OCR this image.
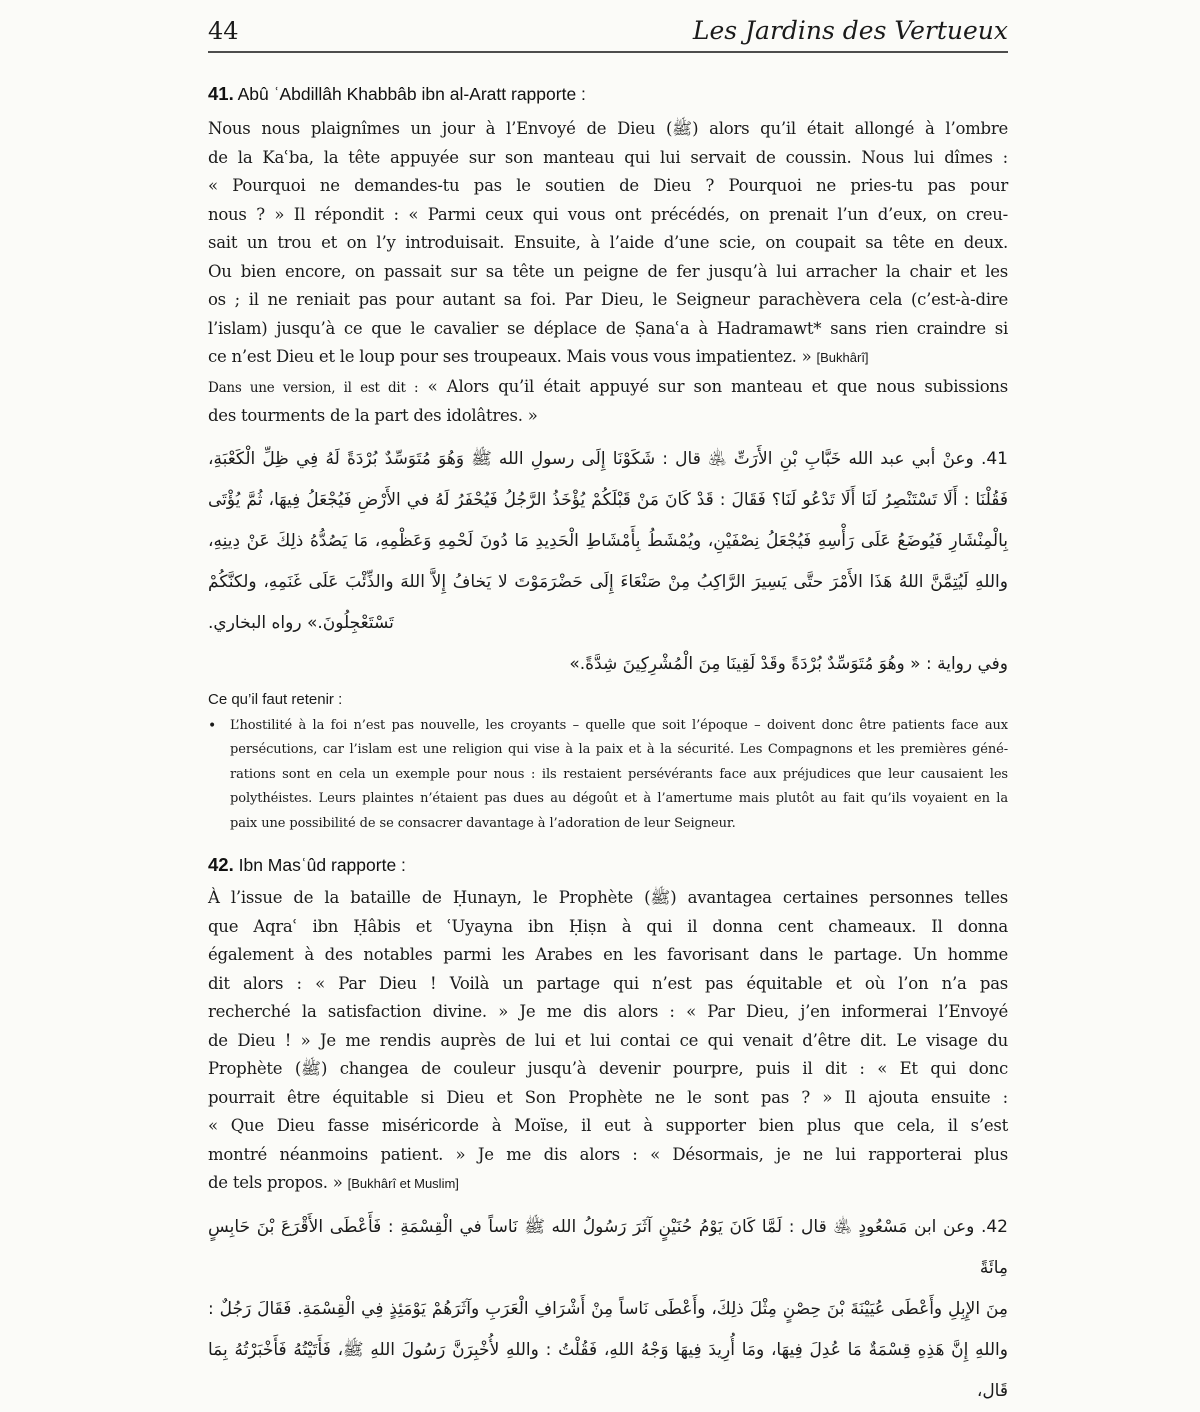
44	Les Jardins des Vertueux
41. Abû ʿAbdillâh Khabbâb ibn al-Aratt rapporte :
Nous nous plaignîmes un jour à l’Envoyé de Dieu (ﷺ) alors qu’il était allongé à l’ombre
de la Kaʿba, la tête appuyée sur son manteau qui lui servait de coussin. Nous lui dîmes :
« Pourquoi ne demandes-tu pas le soutien de Dieu ? Pourquoi ne pries-tu pas pour
nous ? » Il répondit : « Parmi ceux qui vous ont précédés, on prenait l’un d’eux, on creu-
sait un trou et on l’y introduisait. Ensuite, à l’aide d’une scie, on coupait sa tête en deux.
Ou bien encore, on passait sur sa tête un peigne de fer jusqu’à lui arracher la chair et les
os ; il ne reniait pas pour autant sa foi. Par Dieu, le Seigneur parachèvera cela (c’est-à-dire
l’islam) jusqu’à ce que le cavalier se déplace de Ṣanaʿa à Hadramawt* sans rien craindre si
ce n’est Dieu et le loup pour ses troupeaux. Mais vous vous impatientez. » [Bukhârî]
Dans une version, il est dit : « Alors qu’il était appuyé sur son manteau et que nous subissions
des tourments de la part des idolâtres. »
41. وعنْ أبي عبد الله خَبَّابِ بْنِ الأَرَتِّ ﵁ قال : شَكَوْنَا إِلَى رسولِ الله ﷺ وَهُوَ مُتَوَسِّدٌ بُرْدَةً لَهُ فِي ظِلِّ الْكَعْبَةِ،
فَقُلْنَا : أَلَا تَسْتَنْصِرُ لَنَا أَلَا تَدْعُو لَنَا؟ فَقَالَ : قَدْ كَانَ مَنْ قَبْلَكُمْ يُؤْخَذُ الرَّجُلُ فَيُحْفَرُ لَهُ في الأَرْضِ فَيُجْعَلُ فِيهَا، ثُمَّ يُؤْتَى
بِالْمِنْشَارِ فَيُوضَعُ عَلَى رَأْسِهِ فَيُجْعَلُ نِصْفَيْنِ، ويُمْشَطُ بِأَمْشَاطِ الْحَدِيدِ مَا دُونَ لَحْمِهِ وَعَظْمِهِ، مَا يَصُدُّهُ ذلِكَ عَنْ دِينِهِ،
واللهِ لَيُتِمَّنَّ اللهُ هَذَا الأَمْرَ حتَّى يَسِيرَ الرَّاكِبُ مِنْ صَنْعَاءَ إِلَى حَضْرَمَوْتَ لا يَخافُ إِلاَّ اللهَ والذِّئْبَ عَلَى غَنَمِهِ، ولكنَّكُمْ
تَسْتَعْجِلُونَ.» رواه البخاري.
وفي رواية : « وهُوَ مُتَوَسِّدٌ بُرْدَةً وقَدْ لَقِينَا مِنَ الْمُشْرِكِينَ شِدَّةً.»
Ce qu’il faut retenir :
•	L’hostilité à la foi n’est pas nouvelle, les croyants – quelle que soit l’époque – doivent donc être patients face aux
persécutions, car l’islam est une religion qui vise à la paix et à la sécurité. Les Compagnons et les premières géné-
rations sont en cela un exemple pour nous : ils restaient persévérants face aux préjudices que leur causaient les
polythéistes. Leurs plaintes n’étaient pas dues au dégoût et à l’amertume mais plutôt au fait qu’ils voyaient en la
paix une possibilité de se consacrer davantage à l’adoration de leur Seigneur.
42. Ibn Masʿûd rapporte :
À l’issue de la bataille de Ḥunayn, le Prophète (ﷺ) avantagea certaines personnes telles
que Aqraʿ ibn Ḥâbis et ʿUyayna ibn Ḥiṣn à qui il donna cent chameaux. Il donna
également à des notables parmi les Arabes en les favorisant dans le partage. Un homme
dit alors : « Par Dieu ! Voilà un partage qui n’est pas équitable et où l’on n’a pas
recherché la satisfaction divine. » Je me dis alors : « Par Dieu, j’en informerai l’Envoyé
de Dieu ! » Je me rendis auprès de lui et lui contai ce qui venait d’être dit. Le visage du
Prophète (ﷺ) changea de couleur jusqu’à devenir pourpre, puis il dit : « Et qui donc
pourrait être équitable si Dieu et Son Prophète ne le sont pas ? » Il ajouta ensuite :
« Que Dieu fasse miséricorde à Moïse, il eut à supporter bien plus que cela, il s’est
montré néanmoins patient. » Je me dis alors : « Désormais, je ne lui rapporterai plus
de tels propos. » [Bukhârî et Muslim]
42. وعن ابن مَسْعُودٍ ﵁ قال : لَمَّا كَانَ يَوْمُ حُنَيْنٍ آثَرَ رَسُولُ الله ﷺ نَاساً في الْقِسْمَةِ : فَأَعْطَى الأَقْرَعَ بْنَ حَابِسٍ مِائَةً
مِنَ الإِبِلِ وأَعْطَى عُيَيْنَةَ بْنَ حِصْنٍ مِثْلَ ذلِكَ، وأَعْطَى نَاساً مِنْ أَشْرَافِ الْعَرَبِ وآثَرَهُمْ يَوْمَئِذٍ فِي الْقِسْمَةِ. فَقَالَ رَجُلٌ :
واللهِ إِنَّ هَذِهِ قِسْمَةٌ مَا عُدِلَ فِيهَا، ومَا أُرِيدَ فِيهَا وَجْهُ اللهِ، فَقُلْتُ : واللهِ لأُخْبِرَنَّ رَسُولَ اللهِ ﷺ، فَأَتَيْتُهُ فَأَخْبَرْتُهُ بِمَا قَال،
